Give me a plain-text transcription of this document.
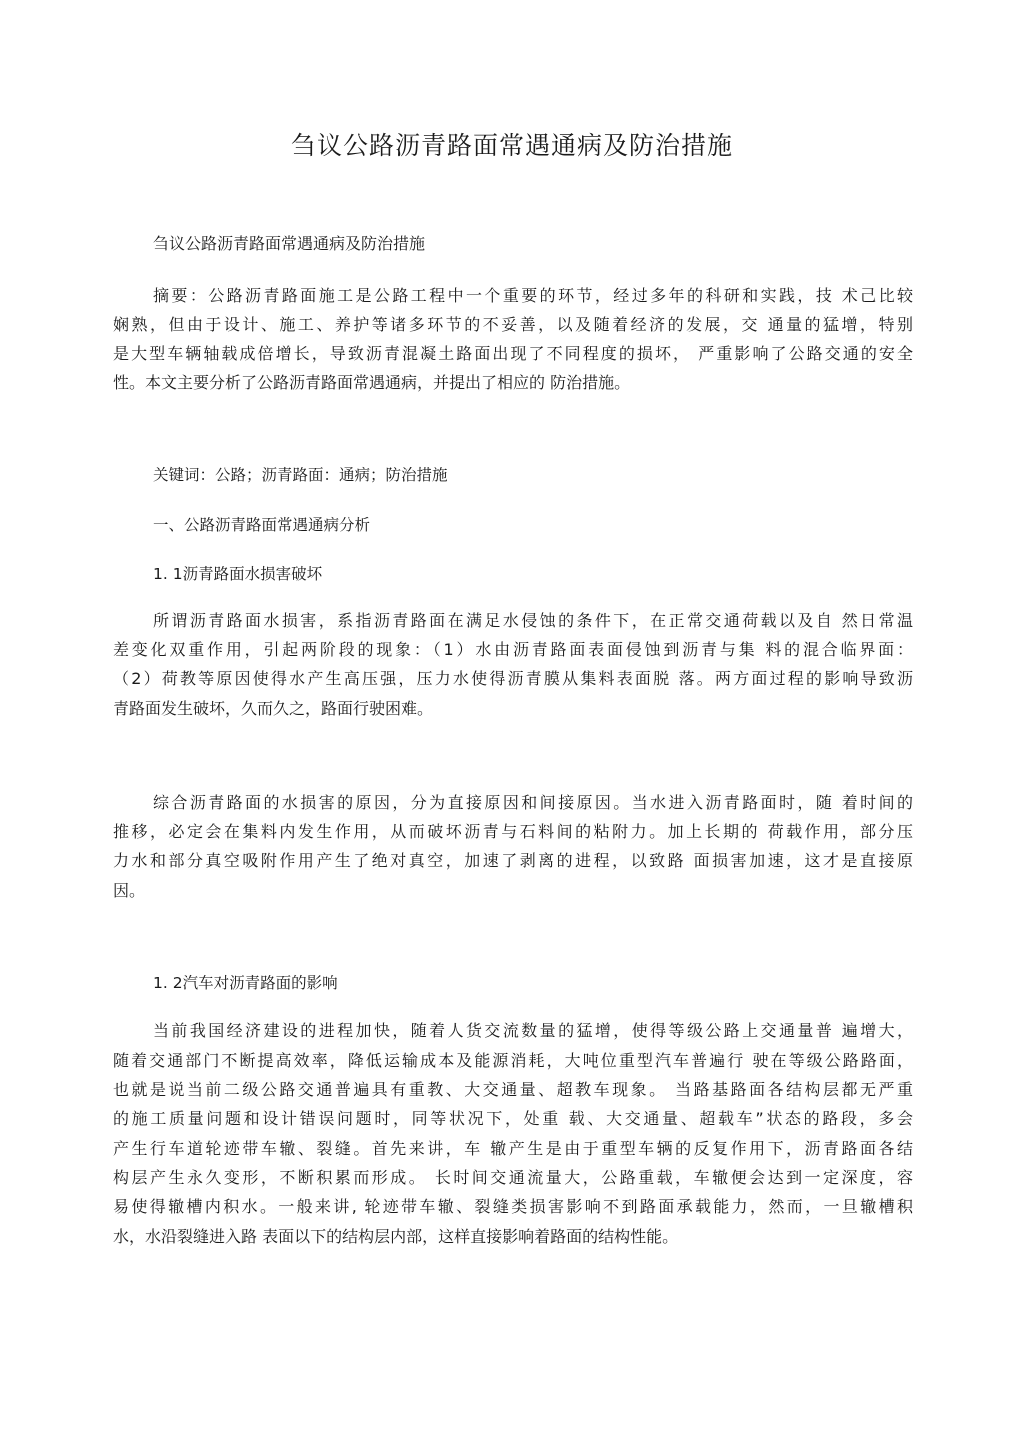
刍议公路沥青路面常遇通病及防治措施
刍议公路沥青路面常遇通病及防治措施
摘要：公路沥青路面施工是公路工程中一个重要的环节，经过多年的科研和实践，技 术己比较
娴熟，但由于设计、施工、养护等诸多环节的不妥善，以及随着经济的发展，交 通量的猛增，特别
是大型车辆轴载成倍增长，导致沥青混凝土路面出现了不同程度的损坏， 严重影响了公路交通的安全
性。本文主要分析了公路沥青路面常遇通病，并提出了相应的 防治措施。
关键词：公路；沥青路面：通病；防治措施
一、公路沥青路面常遇通病分析
1. 1沥青路面水损害破坏
所谓沥青路面水损害，系指沥青路面在满足水侵蚀的条件下，在正常交通荷载以及自 然日常温
差变化双重作用，引起两阶段的现象：（1）水由沥青路面表面侵蚀到沥青与集 料的混合临界面：
（2）荷教等原因使得水产生高压强，压力水使得沥青膜从集料表面脱 落。两方面过程的影响导致沥
青路面发生破坏，久而久之，路面行驶困难。
综合沥青路面的水损害的原因，分为直接原因和间接原因。当水进入沥青路面时，随 着时间的
推移，必定会在集料内发生作用，从而破坏沥青与石料间的粘附力。加上长期的 荷载作用，部分压
力水和部分真空吸附作用产生了绝对真空，加速了剥离的进程，以致路 面损害加速，这才是直接原
因。
1. 2汽车对沥青路面的影响
当前我国经济建设的进程加快，随着人货交流数量的猛增，使得等级公路上交通量普 遍增大，
随着交通部门不断提高效率，降低运输成本及能源消耗，大吨位重型汽车普遍行 驶在等级公路路面，
也就是说当前二级公路交通普遍具有重教、大交通量、超教车现象。 当路基路面各结构层都无严重
的施工质量问题和设计错误问题时，同等状况下，处重 载、大交通量、超载车”状态的路段，多会
产生行车道轮迹带车辙、裂缝。首先来讲，车 辙产生是由于重型车辆的反复作用下，沥青路面各结
构层产生永久变形，不断积累而形成。 长时间交通流量大，公路重载，车辙便会达到一定深度，容
易使得辙槽内积水。一般来讲, 轮迹带车辙、裂缝类损害影响不到路面承载能力，然而，一旦辙槽积
水，水沿裂缝进入路 表面以下的结构层内部，这样直接影响着路面的结构性能。
